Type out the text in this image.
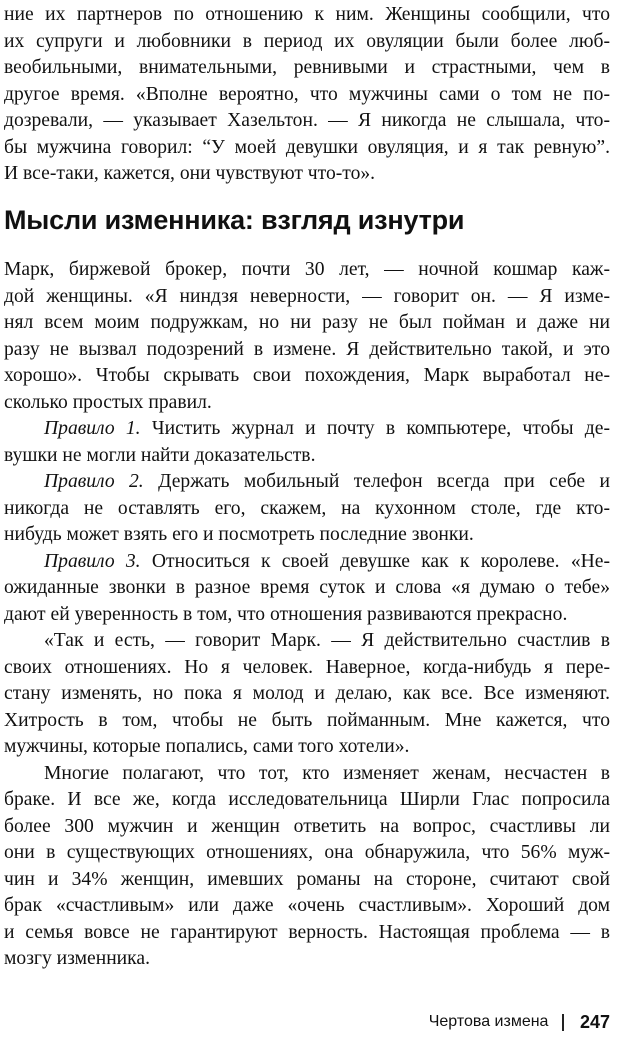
ние их партнеров по отношению к ним. Женщины сообщили, что
их супруги и любовники в период их овуляции были более люб-
веобильными, внимательными, ревнивыми и страстными, чем в
другое время. «Вполне вероятно, что мужчины сами о том не по-
дозревали, — указывает Хазельтон. — Я никогда не слышала, что-
бы мужчина говорил: “У моей девушки овуляция, и я так ревную”.
И все-таки, кажется, они чувствуют что-то».
Мысли изменника: взгляд изнутри
Марк, биржевой брокер, почти 30 лет, — ночной кошмар каж-
дой женщины. «Я ниндзя неверности, — говорит он. — Я изме-
нял всем моим подружкам, но ни разу не был пойман и даже ни
разу не вызвал подозрений в измене. Я действительно такой, и это
хорошо». Чтобы скрывать свои похождения, Марк выработал не-
сколько простых правил.
Правило 1. Чистить журнал и почту в компьютере, чтобы де-
вушки не могли найти доказательств.
Правило 2. Держать мобильный телефон всегда при себе и
никогда не оставлять его, скажем, на кухонном столе, где кто-
нибудь может взять его и посмотреть последние звонки.
Правило 3. Относиться к своей девушке как к королеве. «Не-
ожиданные звонки в разное время суток и слова «я думаю о тебе»
дают ей уверенность в том, что отношения развиваются прекрасно.
«Так и есть, — говорит Марк. — Я действительно счастлив в
своих отношениях. Но я человек. Наверное, когда-нибудь я пере-
стану изменять, но пока я молод и делаю, как все. Все изменяют.
Хитрость в том, чтобы не быть пойманным. Мне кажется, что
мужчины, которые попались, сами того хотели».
Многие полагают, что тот, кто изменяет женам, несчастен в
браке. И все же, когда исследовательница Ширли Глас попросила
более 300 мужчин и женщин ответить на вопрос, счастливы ли
они в существующих отношениях, она обнаружила, что 56% муж-
чин и 34% женщин, имевших романы на стороне, считают свой
брак «счастливым» или даже «очень счастливым». Хороший дом
и семья вовсе не гарантируют верность. Настоящая проблема — в
мозгу изменника.
Чертова измена 247
